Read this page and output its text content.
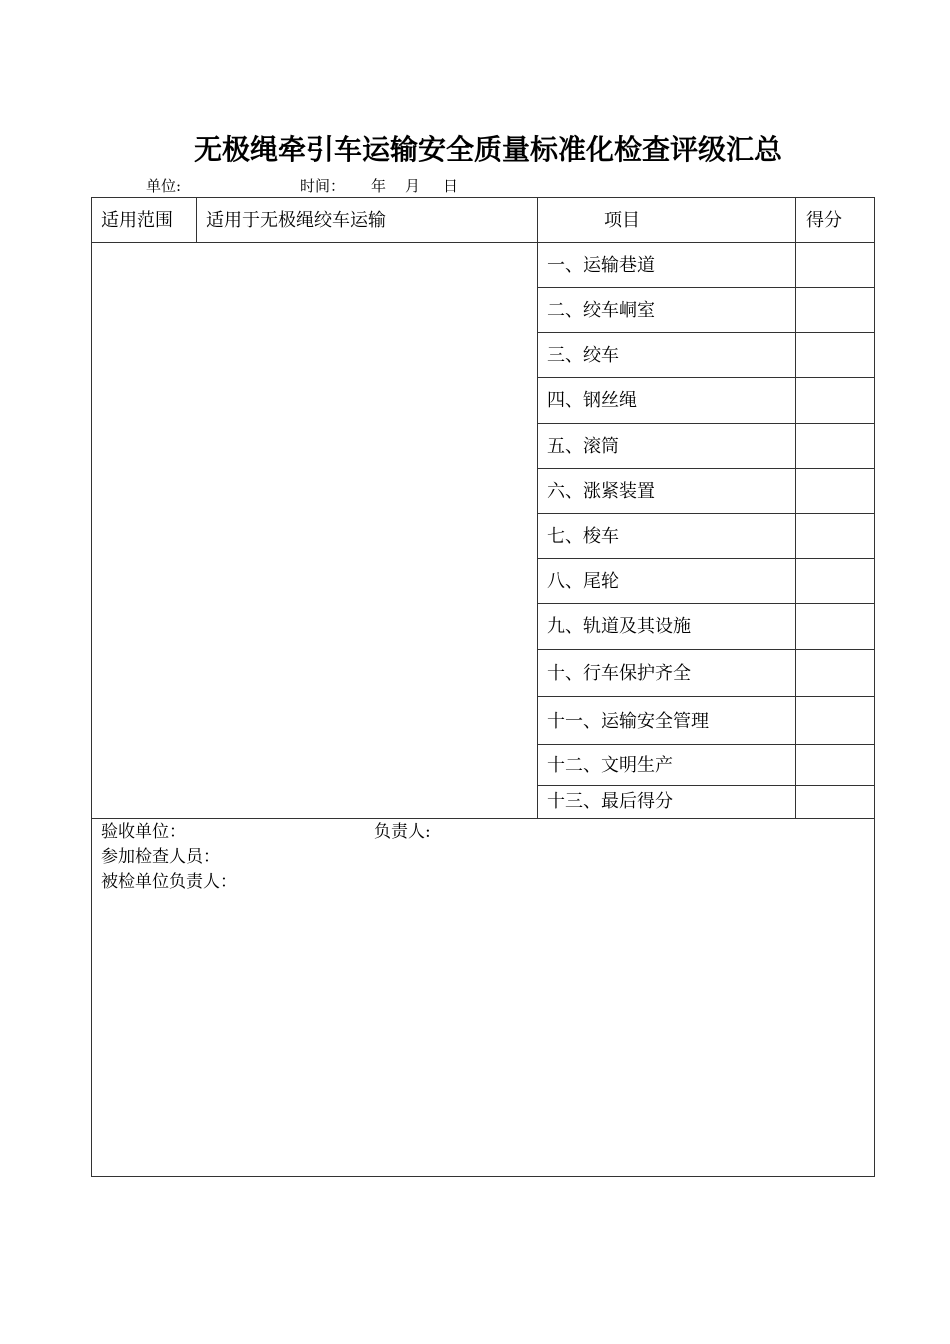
无极绳牵引车运输安全质量标准化检查评级汇总
单位:	时间： 年 月 日
适用范围 适用于无极绳绞车运输	项目	得分
一、运输巷道
二、绞车峒室
三、绞车
四、钢丝绳
五、滚筒
六、涨紧装置
七、梭车
八、尾轮
九、轨道及其设施
十、行车保护齐全
十一、运输安全管理
十二、文明生产
十三、最后得分
验收单位：	负责人:
参加检查人员：
被检单位负责人：
